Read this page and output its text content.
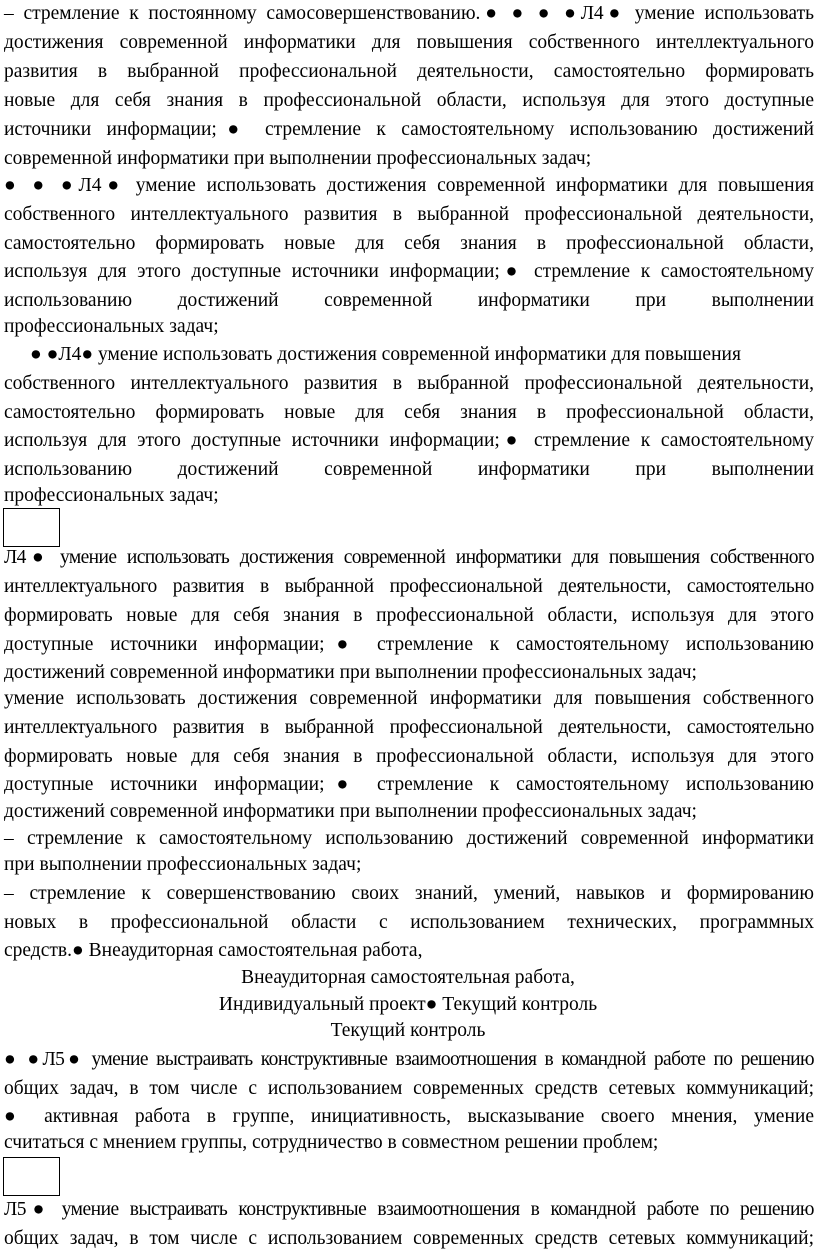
– стремление к постоянному самосовершенствованию.● ● ● ●Л4● умение использовать
достижения современной информатики для повышения собственного интеллектуального
развития в выбранной профессиональной деятельности, самостоятельно формировать
новые для себя знания в профессиональной области, используя для этого доступные
источники информации;● стремление к самостоятельному использованию достижений
современной информатики при выполнении профессиональных задач;
● ● ●Л4● умение использовать достижения современной информатики для повышения
собственного интеллектуального развития в выбранной профессиональной деятельности,
самостоятельно формировать новые для себя знания в профессиональной области,
используя для этого доступные источники информации;● стремление к самостоятельному
использованию достижений современной информатики при выполнении
профессиональных задач;
● ●Л4● умение использовать достижения современной информатики для повышения
собственного интеллектуального развития в выбранной профессиональной деятельности,
самостоятельно формировать новые для себя знания в профессиональной области,
используя для этого доступные источники информации;● стремление к самостоятельному
использованию достижений современной информатики при выполнении
профессиональных задач;
Л4● умение использовать достижения современной информатики для повышения собственного
интеллектуального развития в выбранной профессиональной деятельности, самостоятельно
формировать новые для себя знания в профессиональной области, используя для этого
доступные источники информации;● стремление к самостоятельному использованию
достижений современной информатики при выполнении профессиональных задач;
умение использовать достижения современной информатики для повышения собственного
интеллектуального развития в выбранной профессиональной деятельности, самостоятельно
формировать новые для себя знания в профессиональной области, используя для этого
доступные источники информации;● стремление к самостоятельному использованию
достижений современной информатики при выполнении профессиональных задач;
– стремление к самостоятельному использованию достижений современной информатики
при выполнении профессиональных задач;
– стремление к совершенствованию своих знаний, умений, навыков и формированию
новых в профессиональной области с использованием технических, программных
средств.● Внеаудиторная самостоятельная работа,
Внеаудиторная самостоятельная работа,
Индивидуальный проект● Текущий контроль
Текущий контроль
● ●Л5● умение выстраивать конструктивные взаимоотношения в командной работе по решению
общих задач, в том числе с использованием современных средств сетевых коммуникаций;
● активная работа в группе, инициативность, высказывание своего мнения, умение
считаться с мнением группы, сотрудничество в совместном решении проблем;
Л5● умение выстраивать конструктивные взаимоотношения в командной работе по решению
общих задач, в том числе с использованием современных средств сетевых коммуникаций;
